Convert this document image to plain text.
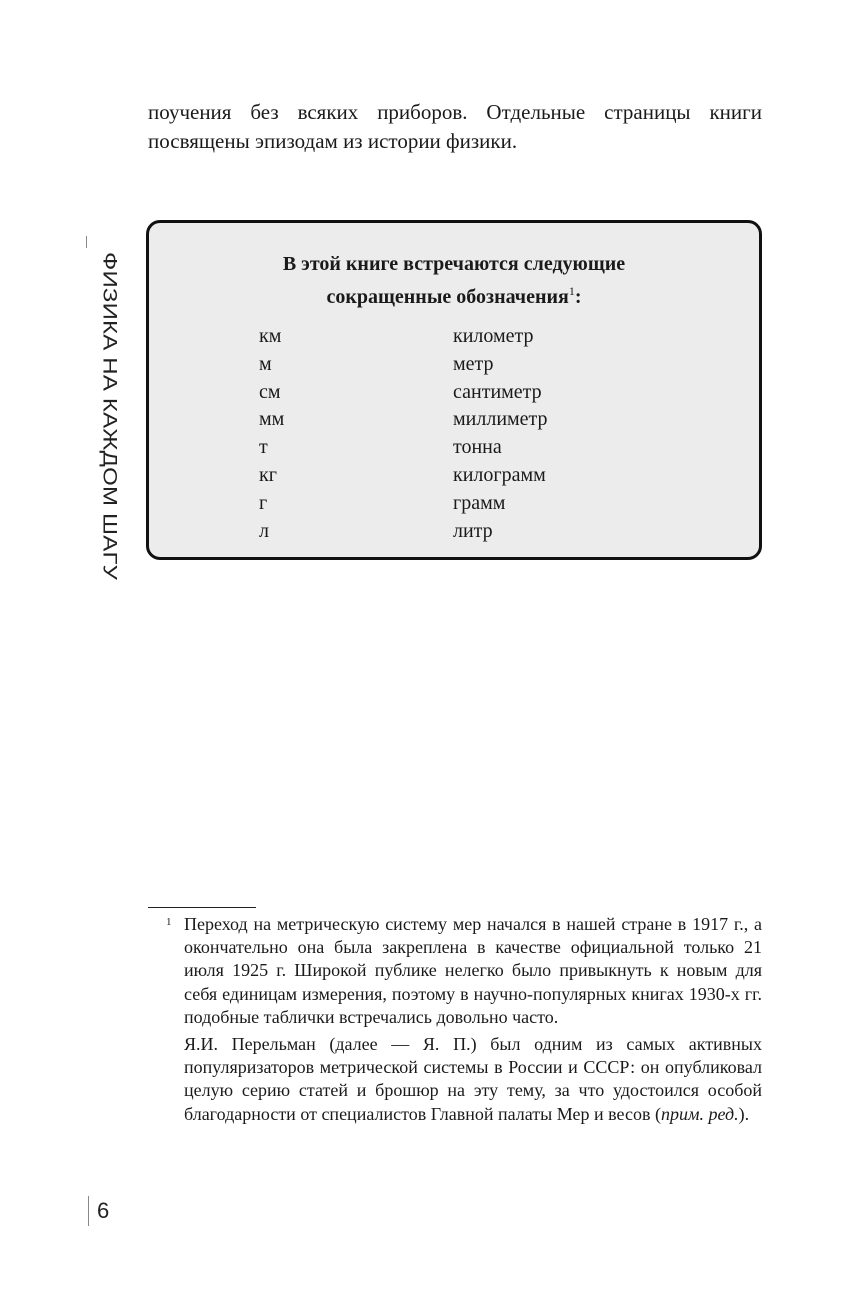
поучения без всяких приборов. Отдельные страницы книги посвящены эпизодам из истории физики.

ФИЗИКА НА КАЖДОМ ШАГУ	В этой книге встречаются следующие
сокращенные обозначения$^1$:
км	километр
м	метр
см	сантиметр
мм	миллиметр
т	тонна
кг	килограмм
г	грамм
л	литр
1 Переход на метрическую систему мер начался в нашей стране в 1917 г., а окончательно она была закреплена в качестве официальной только 21 июля 1925 г. Широкой публике нелегко было привыкнуть к новым для себя единицам измерения, поэтому в научно-популярных книгах 1930-х гг. подобные таблички встречались довольно часто.

Я.И. Перельман (далее — Я. П.) был одним из самых активных популяризаторов метрической системы в России и СССР: он опубликовал целую серию статей и брошюр на эту тему, за что удостоился особой благодарности от специалистов Главной палаты Мер и весов (прим. ред.).

6
